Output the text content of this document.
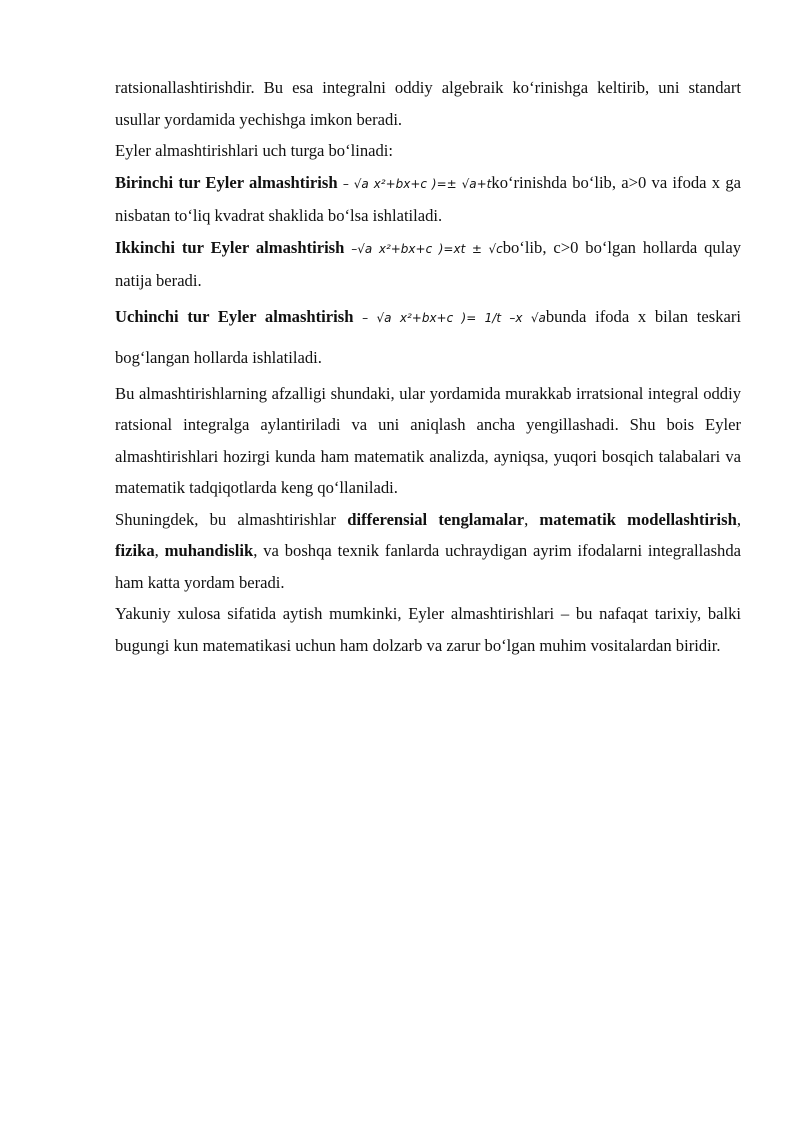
ratsionallashtirishdir. Bu esa integralni oddiy algebraik ko‘rinishga keltirib, uni standart usullar yordamida yechishga imkon beradi.

Eyler almashtirishlari uch turga bo‘linadi:

Birinchi tur Eyler almashtirish – √a x²+bx+c )=± √a+tko‘rinishda bo‘lib, a>0 va ifoda x ga nisbatan to‘liq kvadrat shaklida bo‘lsa ishlatiladi.

Ikkinchi tur Eyler almashtirish –√a x²+bx+c )=xt ± √cbo‘lib, c>0 bo‘lgan hollarda qulay natija beradi.

Uchinchi tur Eyler almashtirish – √a x²+bx+c )= 1/t –x √abunda ifoda x bilan teskari bog‘langan hollarda ishlatiladi.

Bu almashtirishlarning afzalligi shundaki, ular yordamida murakkab irratsional integral oddiy ratsional integralga aylantiriladi va uni aniqlash ancha yengillashadi. Shu bois Eyler almashtirishlari hozirgi kunda ham matematik analizda, ayniqsa, yuqori bosqich talabalari va matematik tadqiqotlarda keng qo‘llaniladi.

Shuningdek, bu almashtirishlar differensial tenglamalar, matematik modellashtirish, fizika, muhandislik, va boshqa texnik fanlarda uchraydigan ayrim ifodalarni integrallashda ham katta yordam beradi.

Yakuniy xulosa sifatida aytish mumkinki, Eyler almashtirishlari – bu nafaqat tarixiy, balki bugungi kun matematikasi uchun ham dolzarb va zarur bo‘lgan muhim vositalardan biridir.
